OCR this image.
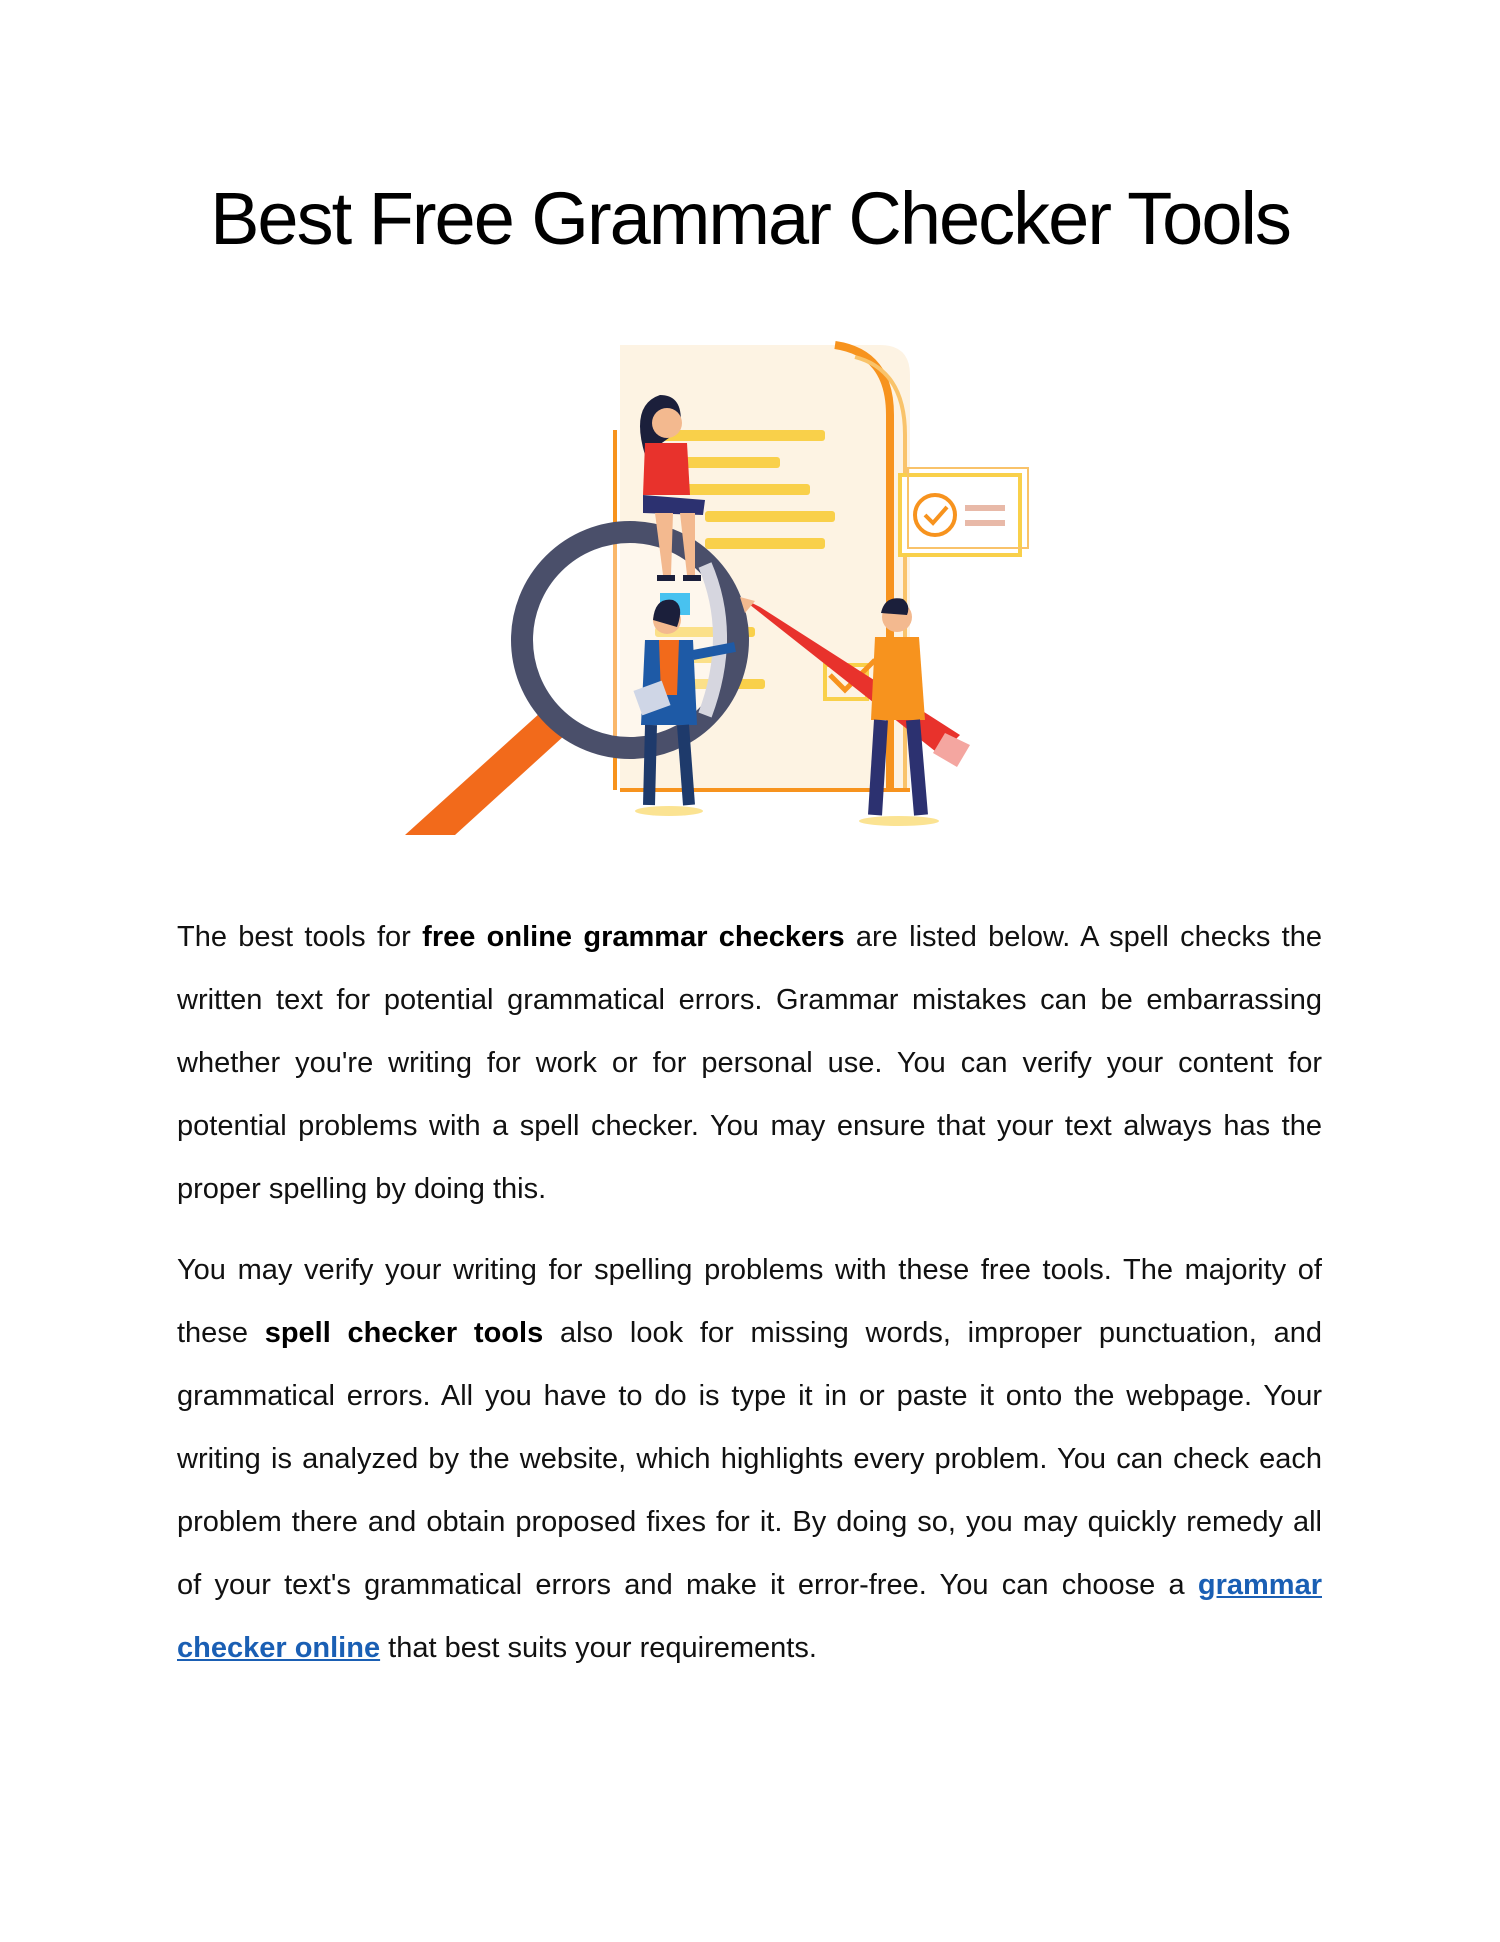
Best Free Grammar Checker Tools

The best tools for free online grammar checkers are listed below. A spell checks the written text for potential grammatical errors. Grammar mistakes can be embarrassing whether you're writing for work or for personal use. You can verify your content for potential problems with a spell checker. You may ensure that your text always has the proper spelling by doing this.

You may verify your writing for spelling problems with these free tools. The majority of these spell checker tools also look for missing words, improper punctuation, and grammatical errors. All you have to do is type it in or paste it onto the webpage. Your writing is analyzed by the website, which highlights every problem. You can check each problem there and obtain proposed fixes for it. By doing so, you may quickly remedy all of your text's grammatical errors and make it error-free. You can choose a grammar checker online that best suits your requirements.
